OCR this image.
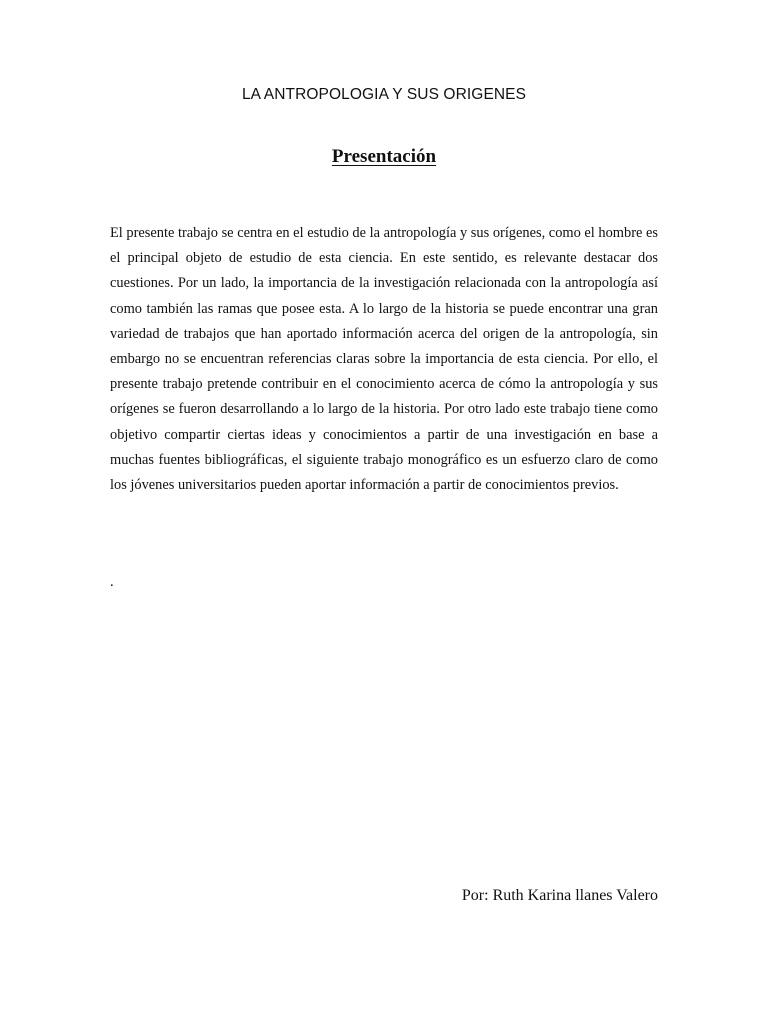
LA ANTROPOLOGIA Y SUS ORIGENES
Presentación

El presente trabajo se centra en el estudio de la antropología y sus orígenes, como el hombre es el principal objeto de estudio de esta ciencia. En este sentido, es relevante destacar dos cuestiones. Por un lado, la importancia de la investigación relacionada con la antropología así como también las ramas que posee esta. A lo largo de la historia se puede encontrar una gran variedad de trabajos que han aportado información acerca del origen de la antropología, sin embargo no se encuentran referencias claras sobre la importancia de esta ciencia. Por ello, el presente trabajo pretende contribuir en el conocimiento acerca de cómo la antropología y sus orígenes se fueron desarrollando a lo largo de la historia. Por otro lado este trabajo tiene como objetivo compartir ciertas ideas y conocimientos a partir de una investigación en base a muchas fuentes bibliográficas, el siguiente trabajo monográfico es un esfuerzo claro de como los jóvenes universitarios pueden aportar información a partir de conocimientos previos.

.

Por: Ruth Karina llanes Valero
